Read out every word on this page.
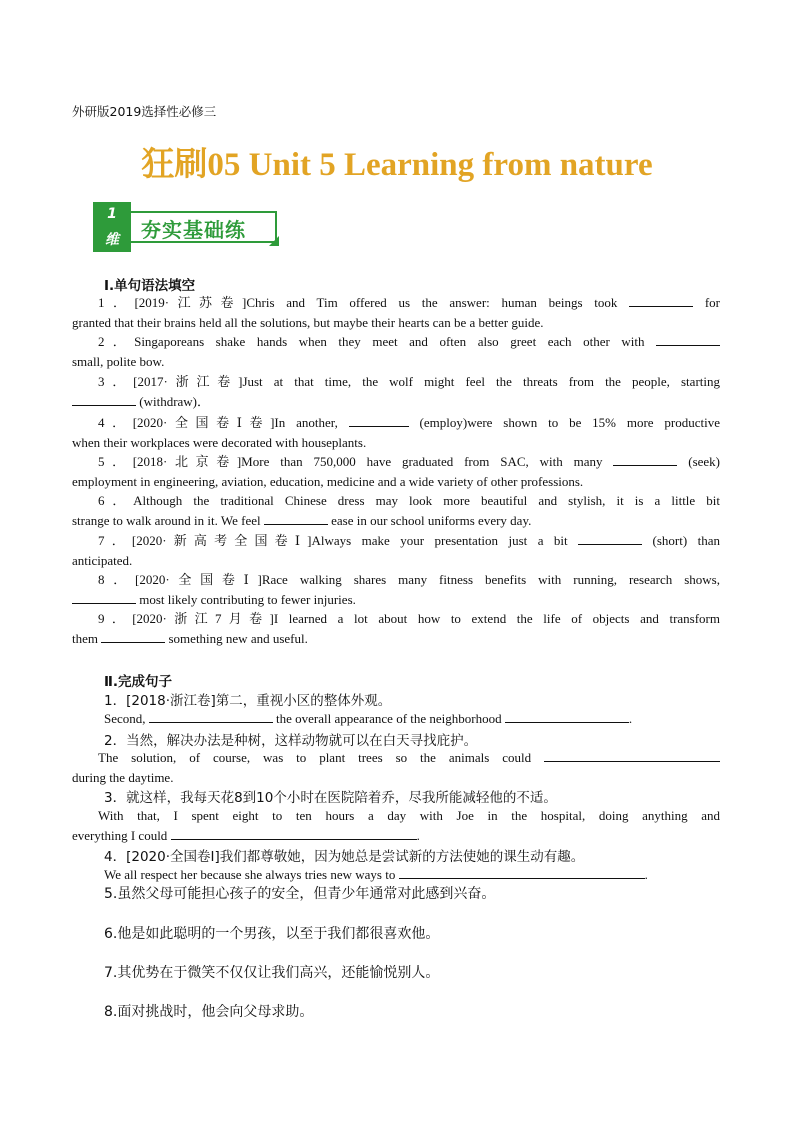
外研版2019选择性必修三
狂刷05 Unit 5 Learning from nature
1
维	夯实基础练
Ⅰ.单句语法填空
1．[2019·江苏卷]Chris and Tim offered us the answer: human beings took	for
granted that their brains held all the solutions, but maybe their hearts can be a better guide.
2．Singaporeans shake hands when they meet and often also greet each other with
small, polite bow.
3．[2017·浙江卷]Just at that time, the wolf might feel the threats from the people, starting
(withdraw)．
4．[2020·全国卷Ⅰ卷]In another,	(employ)were shown to be 15% more productive
when their workplaces were decorated with houseplants.
5．[2018·北京卷]More than 750,000 have graduated from SAC, with many	(seek)
employment in engineering, aviation, education, medicine and a wide variety of other professions.
6．Although the traditional Chinese dress may look more beautiful and stylish, it is a little bit
strange to walk around in it. We feel	ease in our school uniforms every day.
7．[2020·新高考全国卷Ⅰ]Always make your presentation just a bit	(short) than
anticipated.
8．[2020·全国卷Ⅰ]Race walking shares many fitness benefits with running, research shows,
most likely contributing to fewer injuries.
9．[2020·浙江7月卷]I learned a lot about how to extend the life of objects and transform
them	something new and useful.
Ⅱ.完成句子
1．[2018·浙江卷]第二，重视小区的整体外观。
Second,	the overall appearance of the neighborhood	.
2．当然，解决办法是种树，这样动物就可以在白天寻找庇护。
The solution, of course, was to plant trees so the animals could
during the daytime.
3．就这样，我每天花8到10个小时在医院陪着乔，尽我所能减轻他的不适。
With that, I spent eight to ten hours a day with Joe in the hospital, doing anything and
everything I could	.
4．[2020·全国卷Ⅰ]我们都尊敬她，因为她总是尝试新的方法使她的课生动有趣。
We all respect her because she always tries new ways to	.
5.虽然父母可能担心孩子的安全，但青少年通常对此感到兴奋。
6.他是如此聪明的一个男孩，以至于我们都很喜欢他。
7.其优势在于微笑不仅仅让我们高兴，还能愉悦别人。
8.面对挑战时，他会向父母求助。
